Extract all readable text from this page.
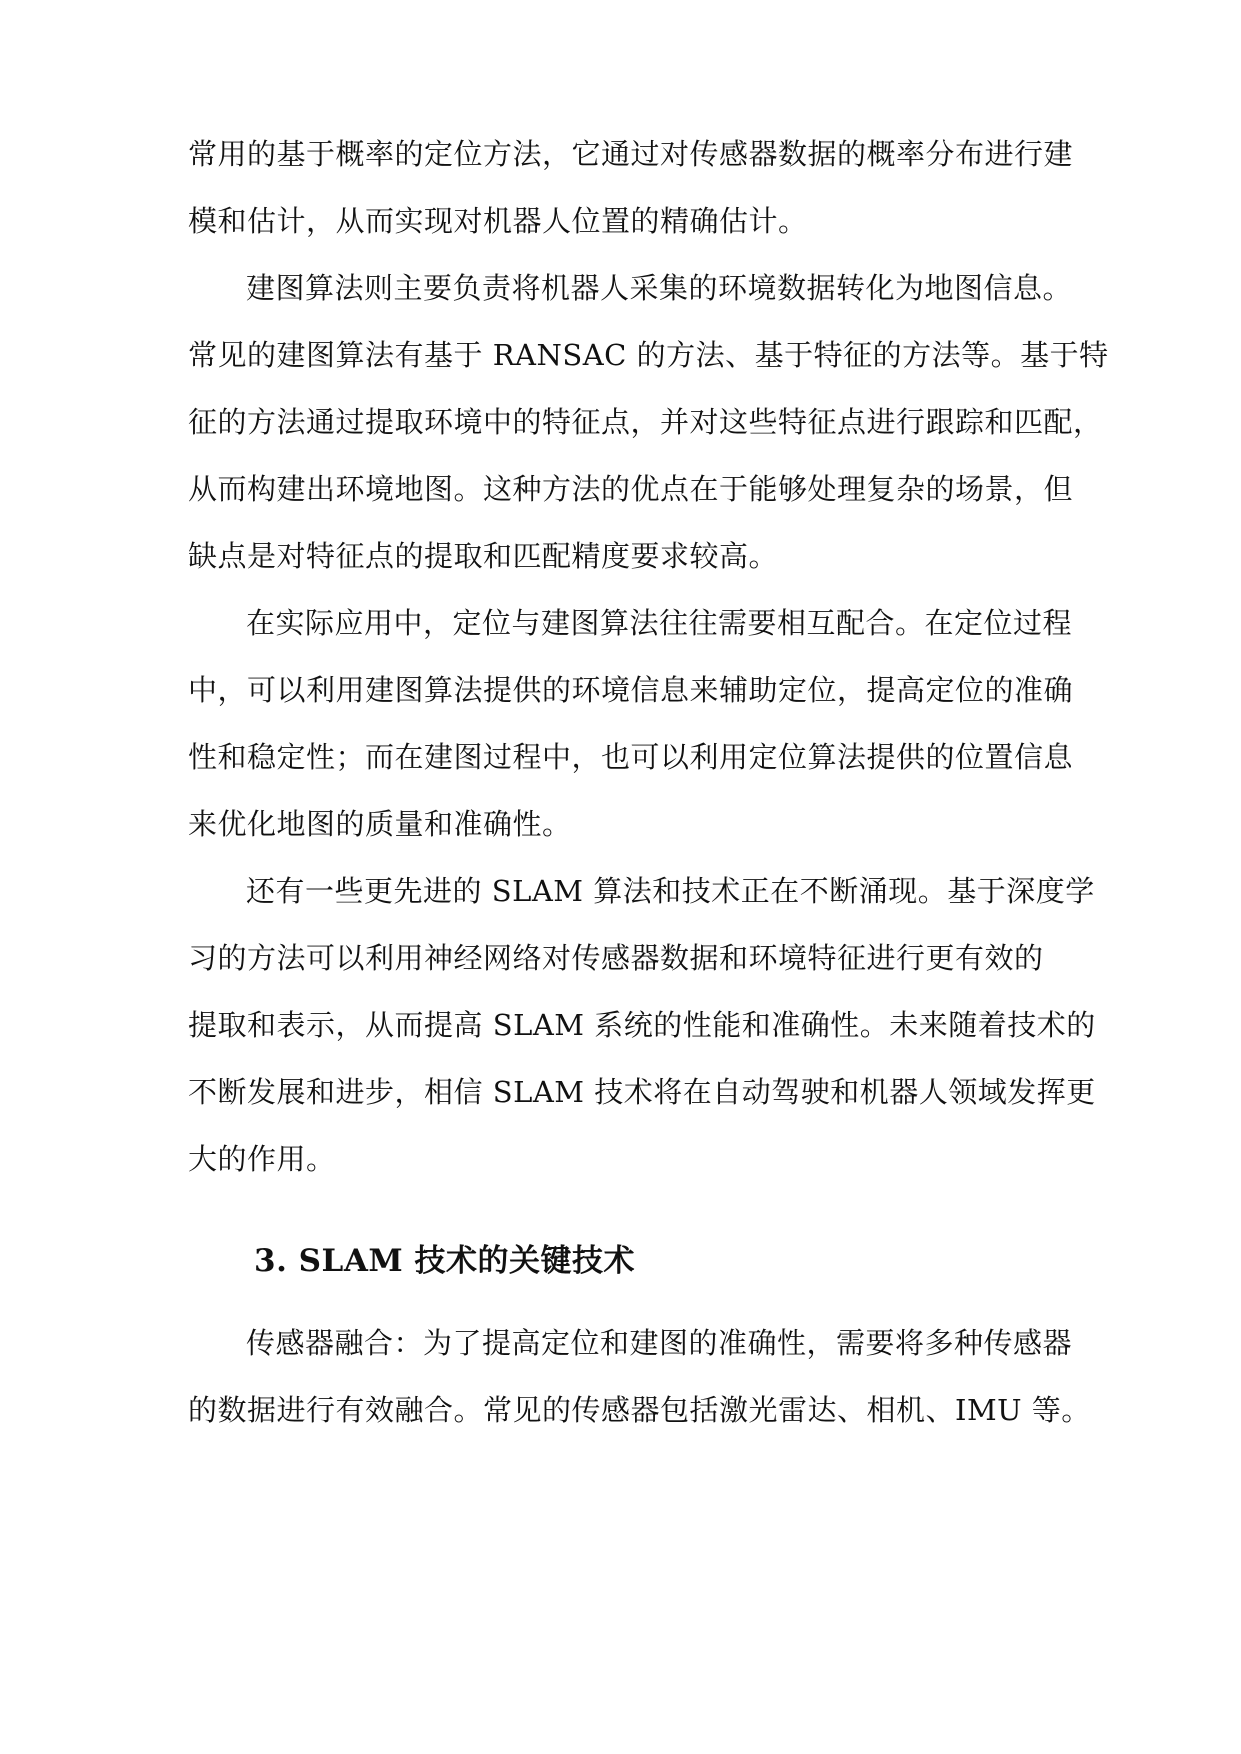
常用的基于概率的定位方法，它通过对传感器数据的概率分布进行建
模和估计，从而实现对机器人位置的精确估计。
建图算法则主要负责将机器人采集的环境数据转化为地图信息。
常见的建图算法有基于 RANSAC 的方法、基于特征的方法等。基于特
征的方法通过提取环境中的特征点，并对这些特征点进行跟踪和匹配，
从而构建出环境地图。这种方法的优点在于能够处理复杂的场景，但
缺点是对特征点的提取和匹配精度要求较高。
在实际应用中，定位与建图算法往往需要相互配合。在定位过程
中，可以利用建图算法提供的环境信息来辅助定位，提高定位的准确
性和稳定性；而在建图过程中，也可以利用定位算法提供的位置信息
来优化地图的质量和准确性。
还有一些更先进的 SLAM 算法和技术正在不断涌现。基于深度学
习的方法可以利用神经网络对传感器数据和环境特征进行更有效的
提取和表示，从而提高 SLAM 系统的性能和准确性。未来随着技术的
不断发展和进步，相信 SLAM 技术将在自动驾驶和机器人领域发挥更
大的作用。
3. SLAM 技术的关键技术
传感器融合：为了提高定位和建图的准确性，需要将多种传感器
的数据进行有效融合。常见的传感器包括激光雷达、相机、IMU 等。
